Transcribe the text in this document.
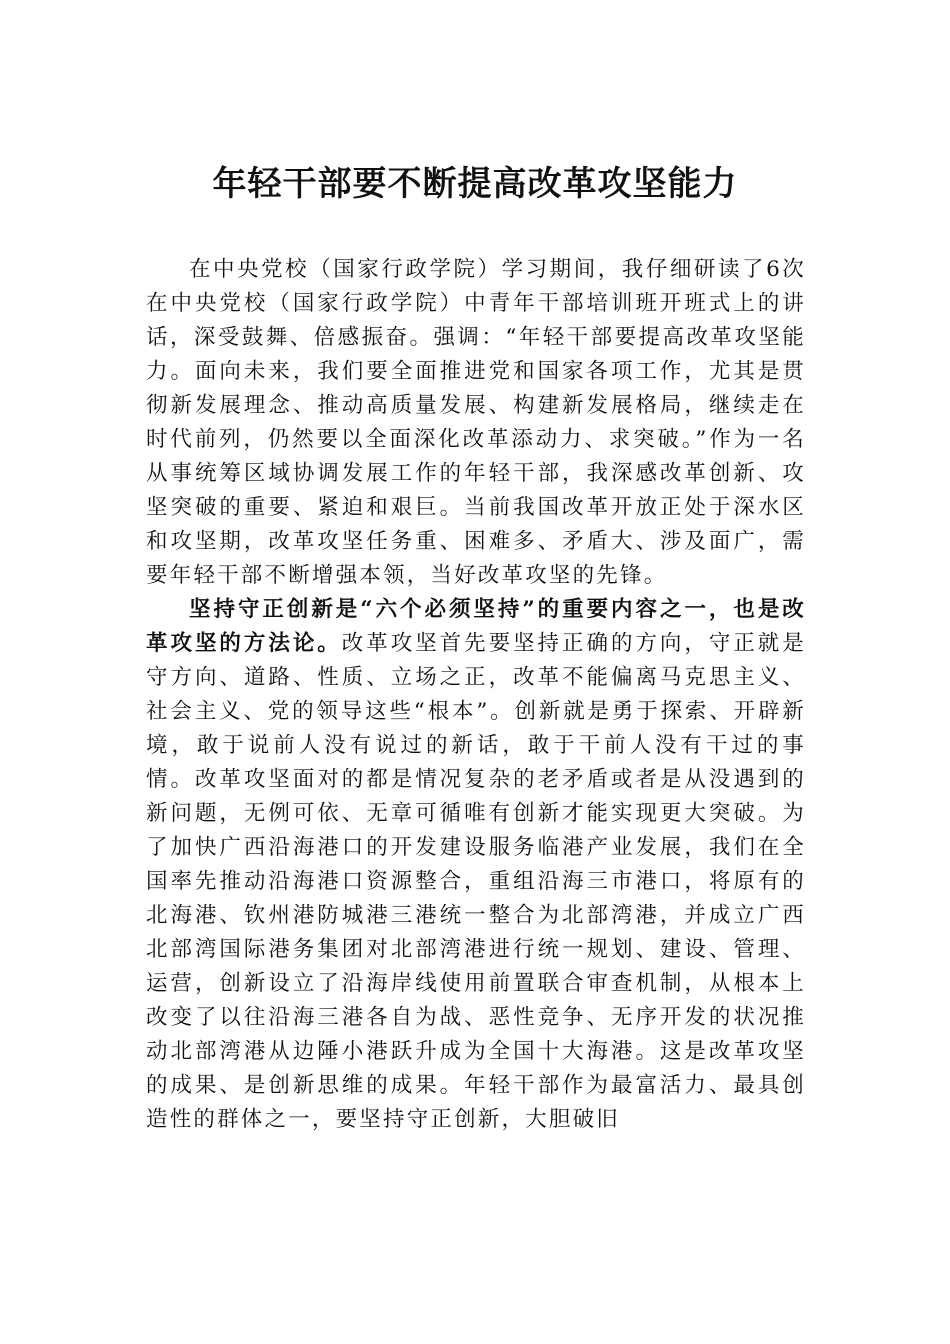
年轻干部要不断提高改革攻坚能力

在中央党校（国家行政学院）学习期间，我仔细研读了6次在中央党校（国家行政学院）中青年干部培训班开班式上的讲话，深受鼓舞、倍感振奋。强调：“年轻干部要提高改革攻坚能力。面向未来，我们要全面推进党和国家各项工作，尤其是贯彻新发展理念、推动高质量发展、构建新发展格局，继续走在时代前列，仍然要以全面深化改革添动力、求突破。”作为一名从事统筹区域协调发展工作的年轻干部，我深感改革创新、攻坚突破的重要、紧迫和艰巨。当前我国改革开放正处于深水区和攻坚期，改革攻坚任务重、困难多、矛盾大、涉及面广，需要年轻干部不断增强本领，当好改革攻坚的先锋。

坚持守正创新是“六个必须坚持”的重要内容之一，也是改革攻坚的方法论。改革攻坚首先要坚持正确的方向，守正就是守方向、道路、性质、立场之正，改革不能偏离马克思主义、社会主义、党的领导这些“根本”。创新就是勇于探索、开辟新境，敢于说前人没有说过的新话，敢于干前人没有干过的事情。改革攻坚面对的都是情况复杂的老矛盾或者是从没遇到的新问题，无例可依、无章可循唯有创新才能实现更大突破。为了加快广西沿海港口的开发建设服务临港产业发展，我们在全国率先推动沿海港口资源整合，重组沿海三市港口，将原有的北海港、钦州港防城港三港统一整合为北部湾港，并成立广西北部湾国际港务集团对北部湾港进行统一规划、建设、管理、运营，创新设立了沿海岸线使用前置联合审查机制，从根本上改变了以往沿海三港各自为战、恶性竞争、无序开发的状况推动北部湾港从边陲小港跃升成为全国十大海港。这是改革攻坚的成果、是创新思维的成果。年轻干部作为最富活力、最具创造性的群体之一，要坚持守正创新，大胆破旧
